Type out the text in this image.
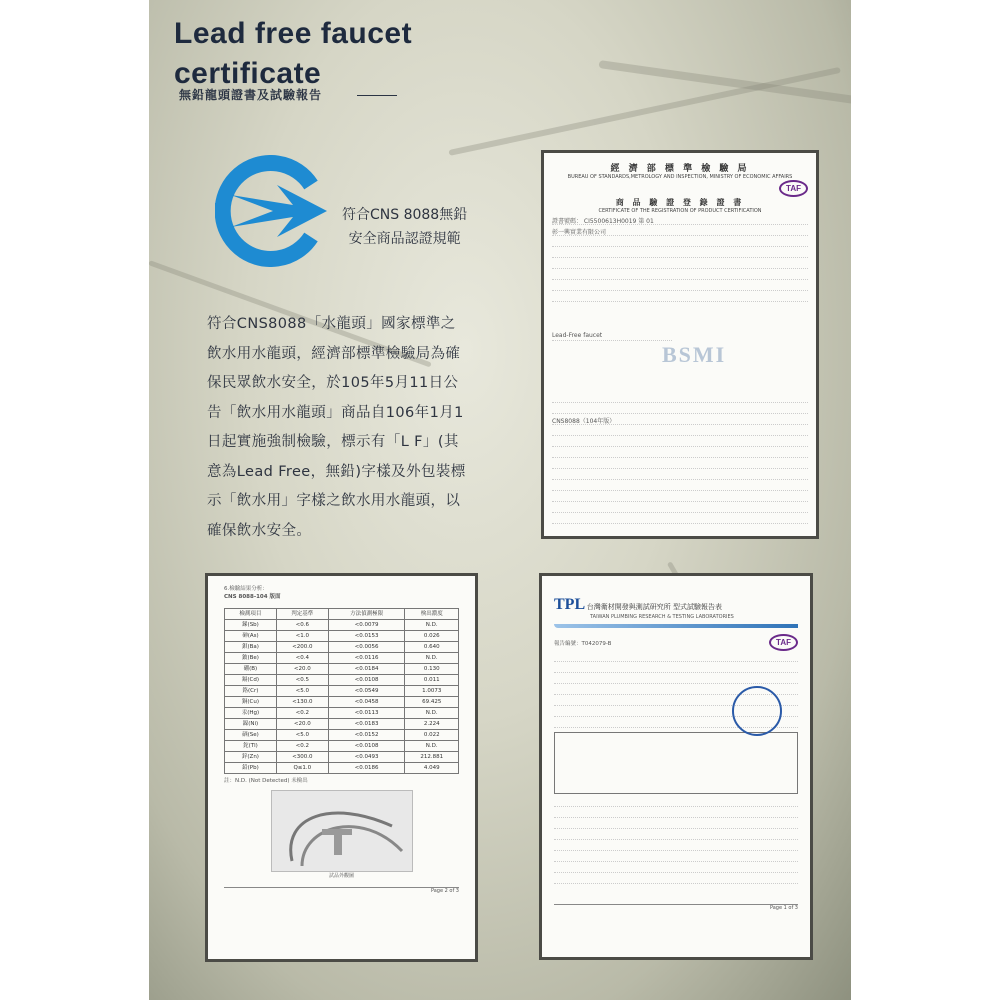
Lead free faucet
certificate
無鉛龍頭證書及試驗報告
符合CNS 8088無鉛
安全商品認證規範
符合CNS8088「水龍頭」國家標準之
飲水用水龍頭，經濟部標準檢驗局為確
保民眾飲水安全，於105年5月11日公
告「飲水用水龍頭」商品自106年1月1
日起實施強制檢驗，標示有「L F」(其
意為Lead Free，無鉛)字樣及外包裝標
示「飲水用」字樣之飲水用水龍頭，以
確保飲水安全。
經 濟 部 標 準 檢 驗 局
BUREAU OF STANDARDS,METROLOGY AND INSPECTION, MINISTRY OF ECONOMIC AFFAIRS
TAF
商 品 驗 證 登 錄 證 書
CERTIFICATE OF THE REGISTRATION OF PRODUCT CERTIFICATION
證書號碼： CI5500613H0019 第 01
彰一興實業有限公司
BSMI
Lead-Free faucet
CNS8088（104年版）
6.檢驗結果分析：
CNS 8088-104 版面
檢測項目	判定基準	方法偵測極限	検出濃度
銻(Sb)	<0.6	<0.0079	N.D.
砷(As)	<1.0	<0.0153	0.026
鋇(Ba)	<200.0	<0.0056	0.640
鈹(Be)	<0.4	<0.0116	N.D.
硼(B)	<20.0	<0.0184	0.130
鎘(Cd)	<0.5	<0.0108	0.011
鉻(Cr)	<5.0	<0.0549	1.0073
銅(Cu)	<130.0	<0.0458	69.425
汞(Hg)	<0.2	<0.0113	N.D.
鎳(Ni)	<20.0	<0.0183	2.224
硒(Se)	<5.0	<0.0152	0.022
鉈(Tl)	<0.2	<0.0108	N.D.
鋅(Zn)	<300.0	<0.0493	212.881
鉛(Pb)	Q≤1.0	<0.0186	4.049
註：N.D. (Not Detected) 未檢出
試品外觀圖
Page 2 of 3
TPL 台灣衛材開發與測試研究所 型式試驗報告表
TAIWAN PLUMBING RESEARCH & TESTING LABORATORIES
報告編號：T042079-B	TAF
Page 1 of 3
